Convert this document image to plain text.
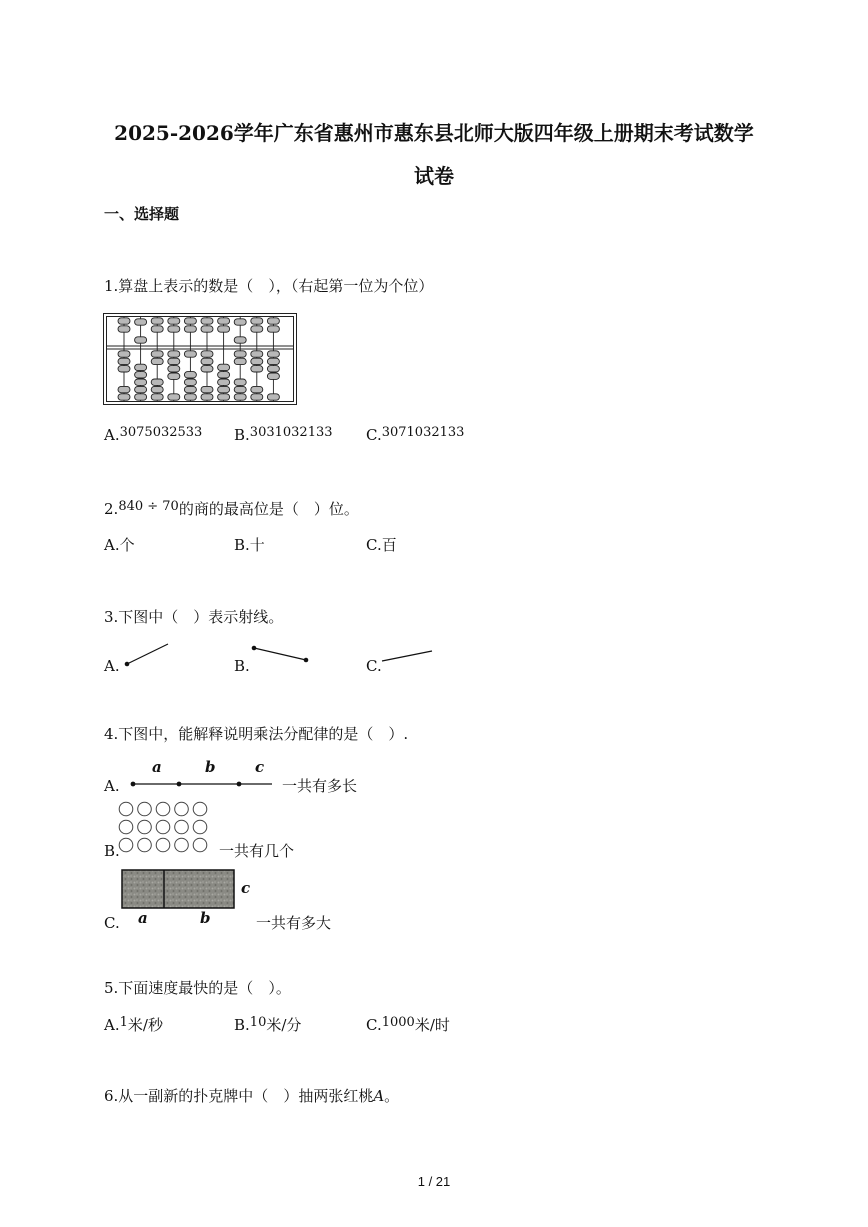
2025-2026学年广东省惠州市惠东县北师大版四年级上册期末考试数学
试卷
一、选择题
1.算盘上表示的数是（　），（右起第一位为个位）
A.3075032533 B.3031032133 C.3071032133
2.840 ÷ 70的商的最高位是（　）位。
A.个	B.十	C.百
3.下图中（　）表示射线。
A.	B.	C.
4.下图中，能解释说明乘法分配律的是（　）.
A.
a	b	c
一共有多长
B.	一共有几个
c
a	b
C.	一共有多大
5.下面速度最快的是（　）。
A.1米/秒	B.10米/分	C.1000米/时
6.从一副新的扑克牌中（　）抽两张红桃A。
1 / 21
